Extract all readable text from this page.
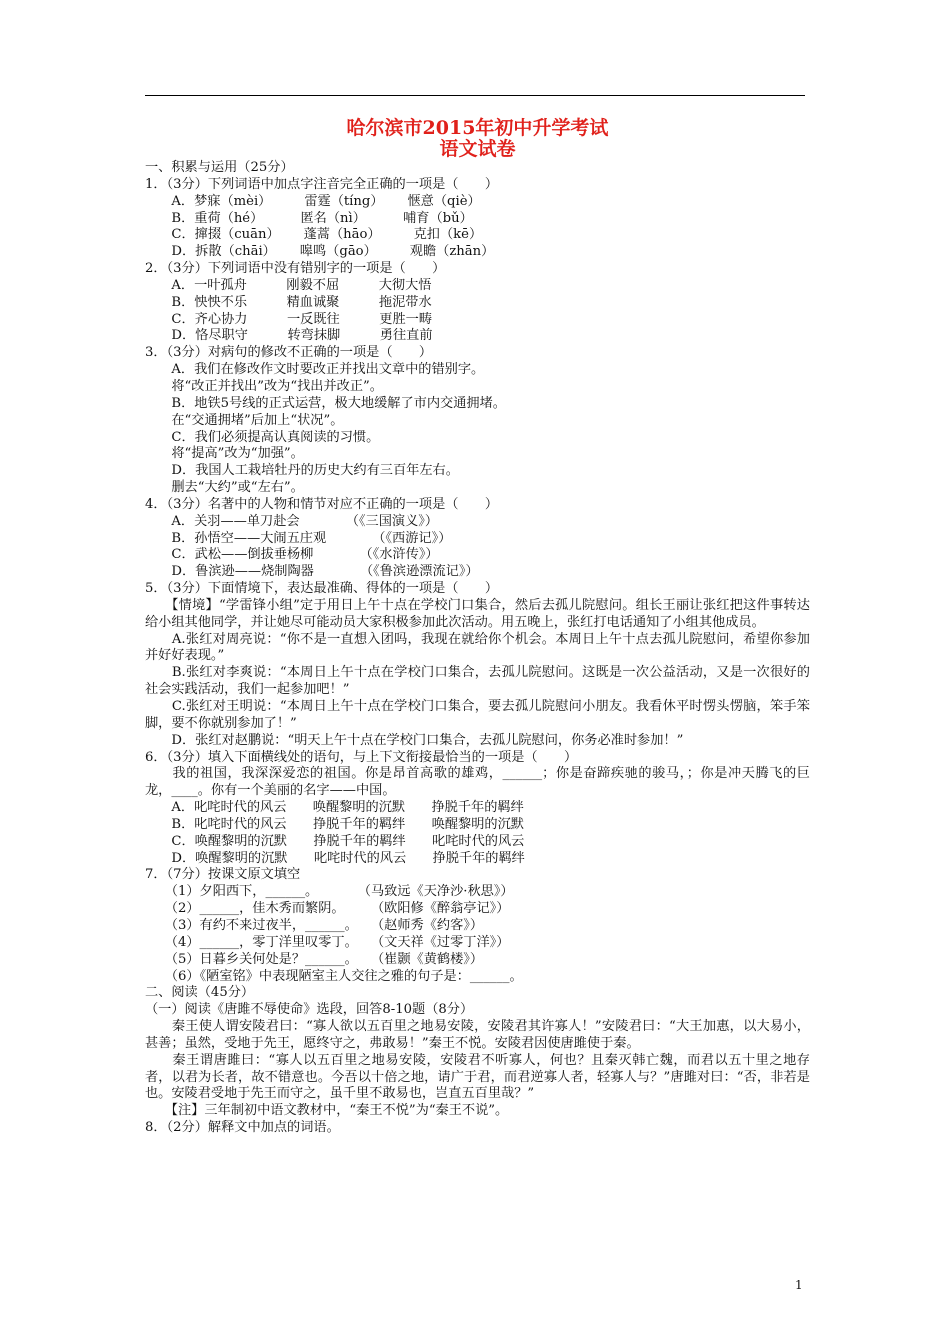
哈尔滨市2015年初中升学考试
语文试卷
一、积累与运用（25分）
1．（3分）下列词语中加点字注音完全正确的一项是（　　）
　　A．梦寐（mèi）　　　雷霆（tíng）　　 惬意（qiè）
　　B．重荷（hé）　　　 匿名（nì）　　　 哺育（bǔ）
　　C．撺掇（cuān）　　 蓬蒿（hāo）　　　克扣（kē）
　　D．拆散（chāi）　　 嗥鸣（gāo）　　　观瞻（zhān）
2．（3分）下列词语中没有错别字的一项是（　　）
　　A．一叶孤舟　　　刚毅不屈　　　大彻大悟
　　B．怏怏不乐　　　精血诚聚　　　拖泥带水
　　C．齐心协力　　　一反既往　　　更胜一畴
　　D．恪尽职守　　　转弯抹脚　　　勇往直前
3．（3分）对病句的修改不正确的一项是（　　）
　　A．我们在修改作文时要改正并找出文章中的错别字。
　　将“改正并找出”改为“找出并改正”。
　　B．地铁5号线的正式运营，极大地缓解了市内交通拥堵。
　　在“交通拥堵”后加上“状况”。
　　C．我们必须提高认真阅读的习惯。
　　将“提高”改为“加强”。
　　D．我国人工栽培牡丹的历史大约有三百年左右。
　　删去“大约”或“左右”。
4．（3分）名著中的人物和情节对应不正确的一项是（　　）
　　A．关羽——单刀赴会　　　　（《三国演义》）
　　B．孙悟空——大闹五庄观　　　　（《西游记》）
　　C．武松——倒拔垂杨柳　　　　（《水浒传》）
　　D．鲁滨逊——烧制陶器　　　　（《鲁滨逊漂流记》）
5．（3分）下面情境下，表达最准确、得体的一项是（　　）
　　【情境】“学雷锋小组”定于用日上午十点在学校门口集合，然后去孤儿院慰问。组长王丽让张红把这件事转达给小组其他同学，并让她尽可能动员大家积极参加此次活动。用五晚上，张红打电话通知了小组其他成员。
　　A.张红对周亮说：“你不是一直想入团吗，我现在就给你个机会。本周日上午十点去孤儿院慰问，希望你参加并好好表现。”
　　B.张红对李爽说：“本周日上午十点在学校门口集合，去孤儿院慰问。这既是一次公益活动，又是一次很好的社会实践活动，我们一起参加吧！”
　　C.张红对王明说：“本周日上午十点在学校门口集合，要去孤儿院慰问小朋友。我看休平时愣头愣脑，笨手笨脚，要不你就别参加了！”
　　D．张红对赵鹏说：“明天上午十点在学校门口集合，去孤儿院慰问，你务必准时参加！”
6．（3分）填入下面横线处的语句，与上下文衔接最恰当的一项是（　　）
　　我的祖国，我深深爱恋的祖国。你是昂首高歌的雄鸡，______；你是奋蹄疾驰的骏马，；你是冲天腾飞的巨龙，____。你有一个美丽的名字——中国。
　　A．叱咤时代的风云　　唤醒黎明的沉默　　挣脱千年的羁绊
　　B．叱咤时代的风云　　挣脱千年的羁绊　　唤醒黎明的沉默
　　C．唤醒黎明的沉默　　挣脱千年的羁绊　　叱咤时代的风云
　　D．唤醒黎明的沉默　　叱咤时代的风云　　挣脱千年的羁绊
7．（7分）按课文原文填空
　　（1）夕阳西下，______。　　　　（马致远《天净沙·秋思》）
　　（2）______，佳木秀而繁阴。　　　（欧阳修《醉翁亭记》）
　　（3）有约不来过夜半，______。　　（赵师秀《约客》）
　　（4）______，零丁洋里叹零丁。　　（文天祥《过零丁洋》）
　　（5）日暮乡关何处是？______。　　（崔颢《黄鹤楼》）
　　（6）《陋室铭》中表现陋室主人交往之雅的句子是：______。
二、阅读（45分）
（一）阅读《唐雎不辱使命》选段，回答8-10题（8分）
　　秦王使人谓安陵君曰：“寡人欲以五百里之地易安陵，安陵君其许寡人！”安陵君曰：“大王加惠，以大易小，甚善；虽然，受地于先王，愿终守之，弗敢易！”秦王不悦。安陵君因使唐雎使于秦。
　　秦王谓唐雎曰：“寡人以五百里之地易安陵，安陵君不听寡人，何也？且秦灭韩亡魏，而君以五十里之地存者，以君为长者，故不错意也。今吾以十倍之地，请广于君，而君逆寡人者，轻寡人与？”唐雎对曰：“否，非若是也。安陵君受地于先王而守之，虽千里不敢易也，岂直五百里哉？”
　　【注】三年制初中语文教材中，“秦王不悦”为“秦王不说”。
8．（2分）解释文中加点的词语。
1
